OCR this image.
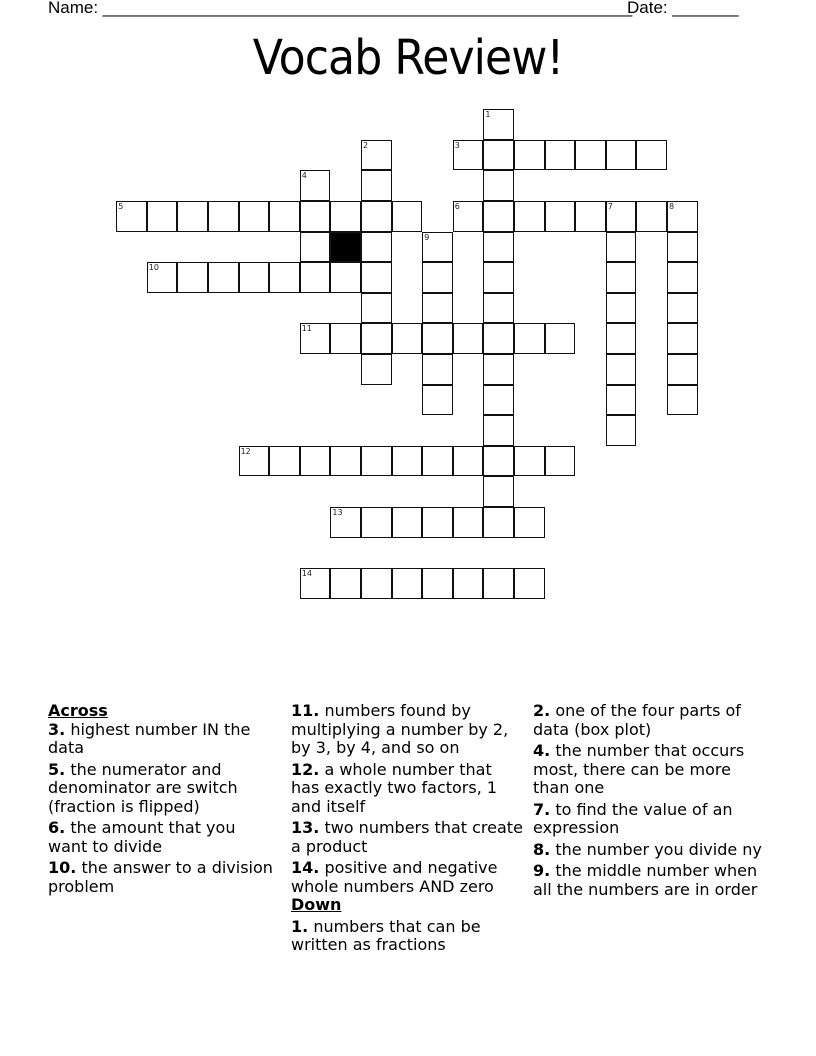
Name: ________________________________________________________
Date: _______
Vocab Review!
1
2	3
4
5	6	7	8
9
10
11
12
13
14
Across
3. highest number IN the data
5. the numerator and denominator are switch (fraction is flipped)
6. the amount that you want to divide
10. the answer to a division problem
11. numbers found by multiplying a number by 2, by 3, by 4, and so on
12. a whole number that has exactly two factors, 1 and itself
13. two numbers that create a product
14. positive and negative whole numbers AND zero
Down
1. numbers that can be written as fractions
2. one of the four parts of data (box plot)
4. the number that occurs most, there can be more than one
7. to find the value of an expression
8. the number you divide ny
9. the middle number when all the numbers are in order
